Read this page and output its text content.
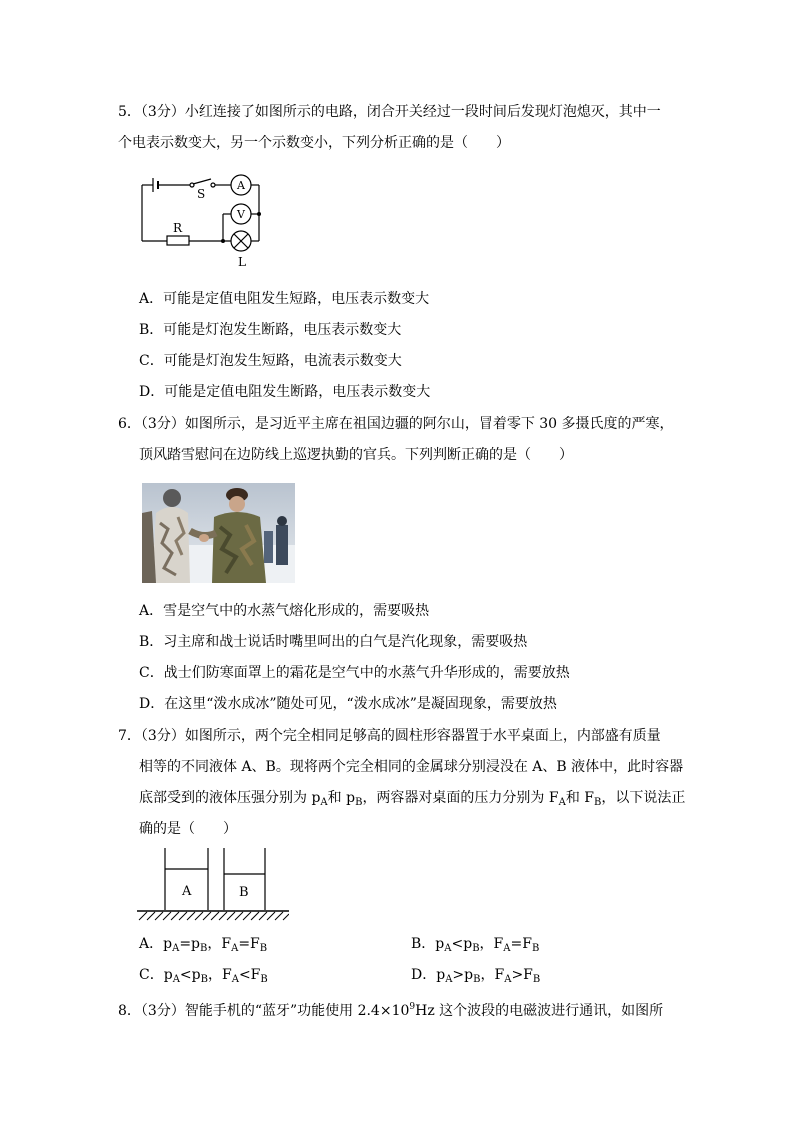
5．（3分）小红连接了如图所示的电路，闭合开关经过一段时间后发现灯泡熄灭，其中一
个电表示数变大，另一个示数变小，下列分析正确的是（　　）
S
A
V
R
L
A．可能是定值电阻发生短路，电压表示数变大
B．可能是灯泡发生断路，电压表示数变大
C．可能是灯泡发生短路，电流表示数变大
D．可能是定值电阻发生断路，电压表示数变大
6．（3分）如图所示，是习近平主席在祖国边疆的阿尔山，冒着零下 30 多摄氏度的严寒，
顶风踏雪慰问在边防线上巡逻执勤的官兵。下列判断正确的是（　　）
A．雪是空气中的水蒸气熔化形成的，需要吸热
B．习主席和战士说话时嘴里呵出的白气是汽化现象，需要吸热
C．战士们防寒面罩上的霜花是空气中的水蒸气升华形成的，需要放热
D．在这里“泼水成冰”随处可见，“泼水成冰”是凝固现象，需要放热
7．（3分）如图所示，两个完全相同足够高的圆柱形容器置于水平桌面上，内部盛有质量
相等的不同液体 A、B。现将两个完全相同的金属球分别浸没在 A、B 液体中，此时容器
底部受到的液体压强分别为 $p_A$和 $p_B$，两容器对桌面的压力分别为 $F_A$和 $F_B$，以下说法正
确的是（　　）
A	B
A．$p_A=p_B$，$F_A=F_B$	B．$p_A<p_B$，$F_A=F_B$
C．$p_A<p_B$，$F_A<F_B$	D．$p_A>p_B$，$F_A>F_B$
8．（3分）智能手机的“蓝牙”功能使用 $2.4\times 10^9Hz$ 这个波段的电磁波进行通讯，如图所
